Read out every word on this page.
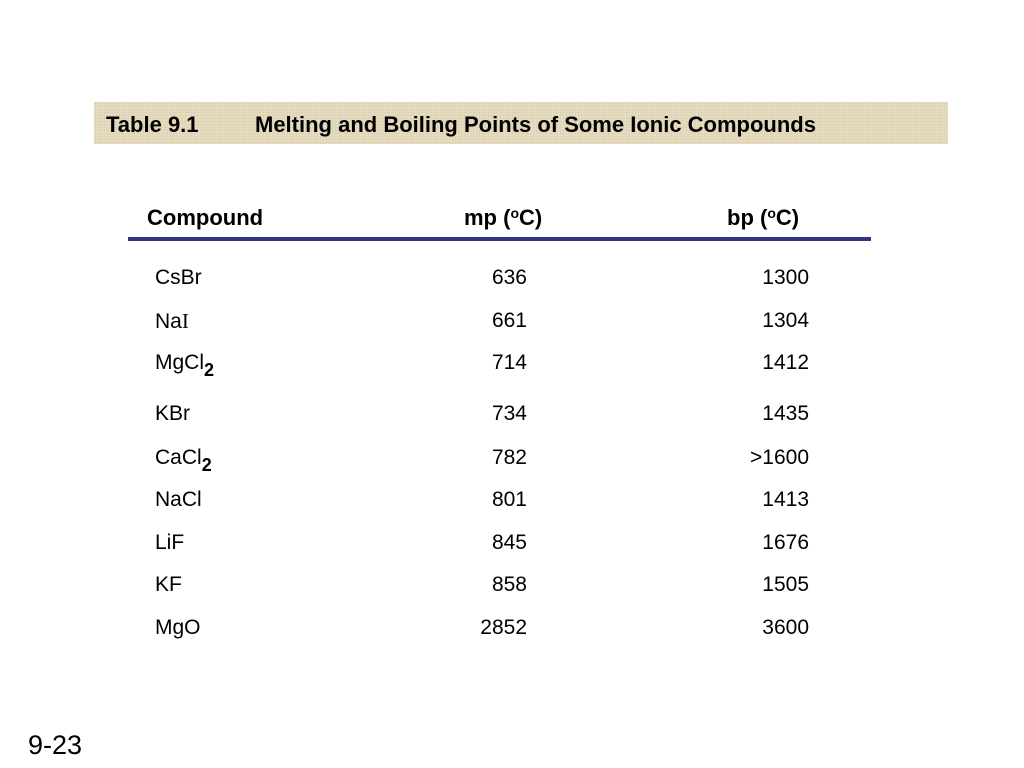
Table 9.1	Melting and Boiling Points of Some Ionic Compounds
Compound	mp ($^o$C)	bp ($^o$C)
CsBr	636	1300
NaI	661	1304
MgCl2	714	1412
KBr	734	1435
CaCl2	782	>1600
NaCl	801	1413
LiF	845	1676
KF	858	1505
MgO	2852	3600
9-23
